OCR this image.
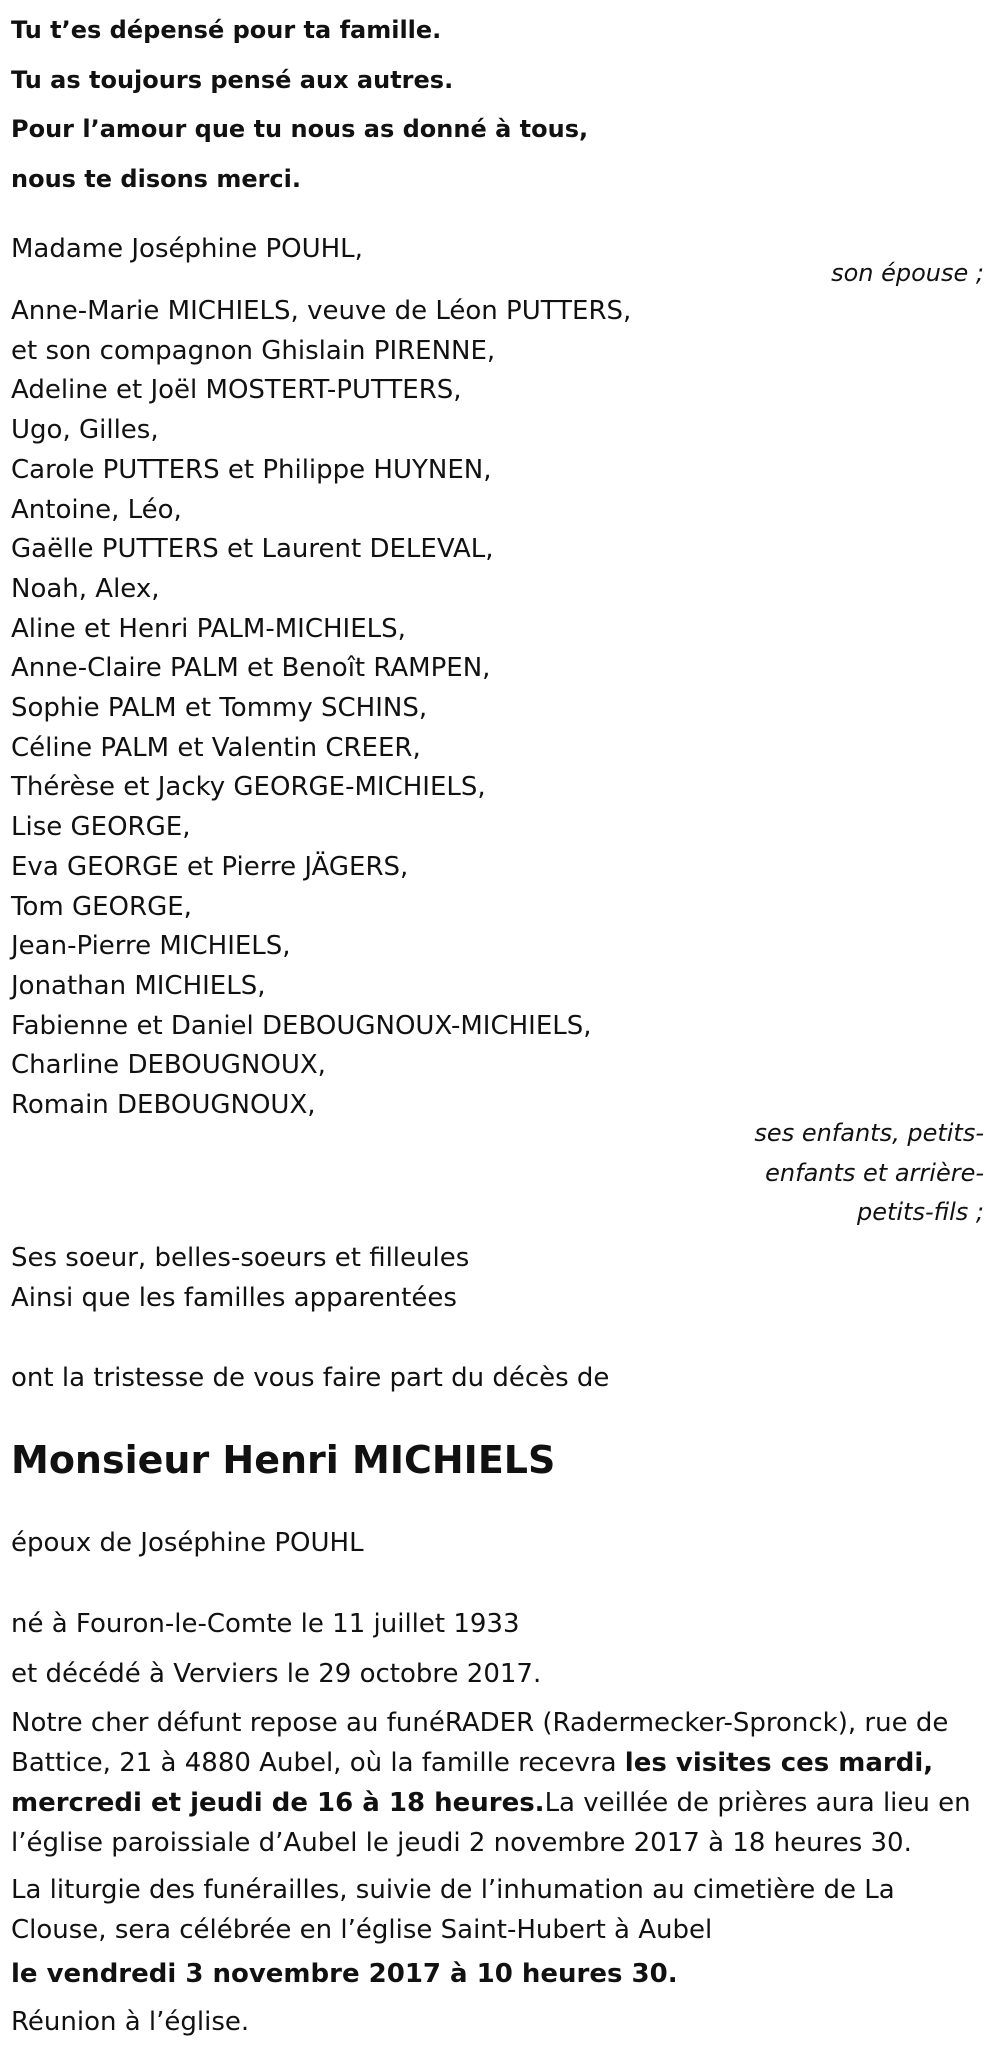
Tu t’es dépensé pour ta famille.
Tu as toujours pensé aux autres.
Pour l’amour que tu nous as donné à tous,
nous te disons merci.
Madame Joséphine POUHL,
son épouse ;
Anne-Marie MICHIELS, veuve de Léon PUTTERS,
et son compagnon Ghislain PIRENNE,
Adeline et Joël MOSTERT-PUTTERS,
Ugo, Gilles,
Carole PUTTERS et Philippe HUYNEN,
Antoine, Léo,
Gaëlle PUTTERS et Laurent DELEVAL,
Noah, Alex,
Aline et Henri PALM-MICHIELS,
Anne-Claire PALM et Benoît RAMPEN,
Sophie PALM et Tommy SCHINS,
Céline PALM et Valentin CREER,
Thérèse et Jacky GEORGE-MICHIELS,
Lise GEORGE,
Eva GEORGE et Pierre JÄGERS,
Tom GEORGE,
Jean-Pierre MICHIELS,
Jonathan MICHIELS,
Fabienne et Daniel DEBOUGNOUX-MICHIELS,
Charline DEBOUGNOUX,
Romain DEBOUGNOUX,
ses enfants, petits-
enfants et arrière-
petits-fils ;
Ses soeur, belles-soeurs et filleules
Ainsi que les familles apparentées
ont la tristesse de vous faire part du décès de
Monsieur Henri MICHIELS
époux de Joséphine POUHL
né à Fouron-le-Comte le 11 juillet 1933
et décédé à Verviers le 29 octobre 2017.
Notre cher défunt repose au funéRADER (Radermecker-Spronck), rue de Battice, 21 à 4880 Aubel, où la famille recevra les visites ces mardi, mercredi et jeudi de 16 à 18 heures.La veillée de prières aura lieu en l’église paroissiale d’Aubel le jeudi 2 novembre 2017 à 18 heures 30.
La liturgie des funérailles, suivie de l’inhumation au cimetière de La Clouse, sera célébrée en l’église Saint-Hubert à Aubel
le vendredi 3 novembre 2017 à 10 heures 30.
Réunion à l’église.
